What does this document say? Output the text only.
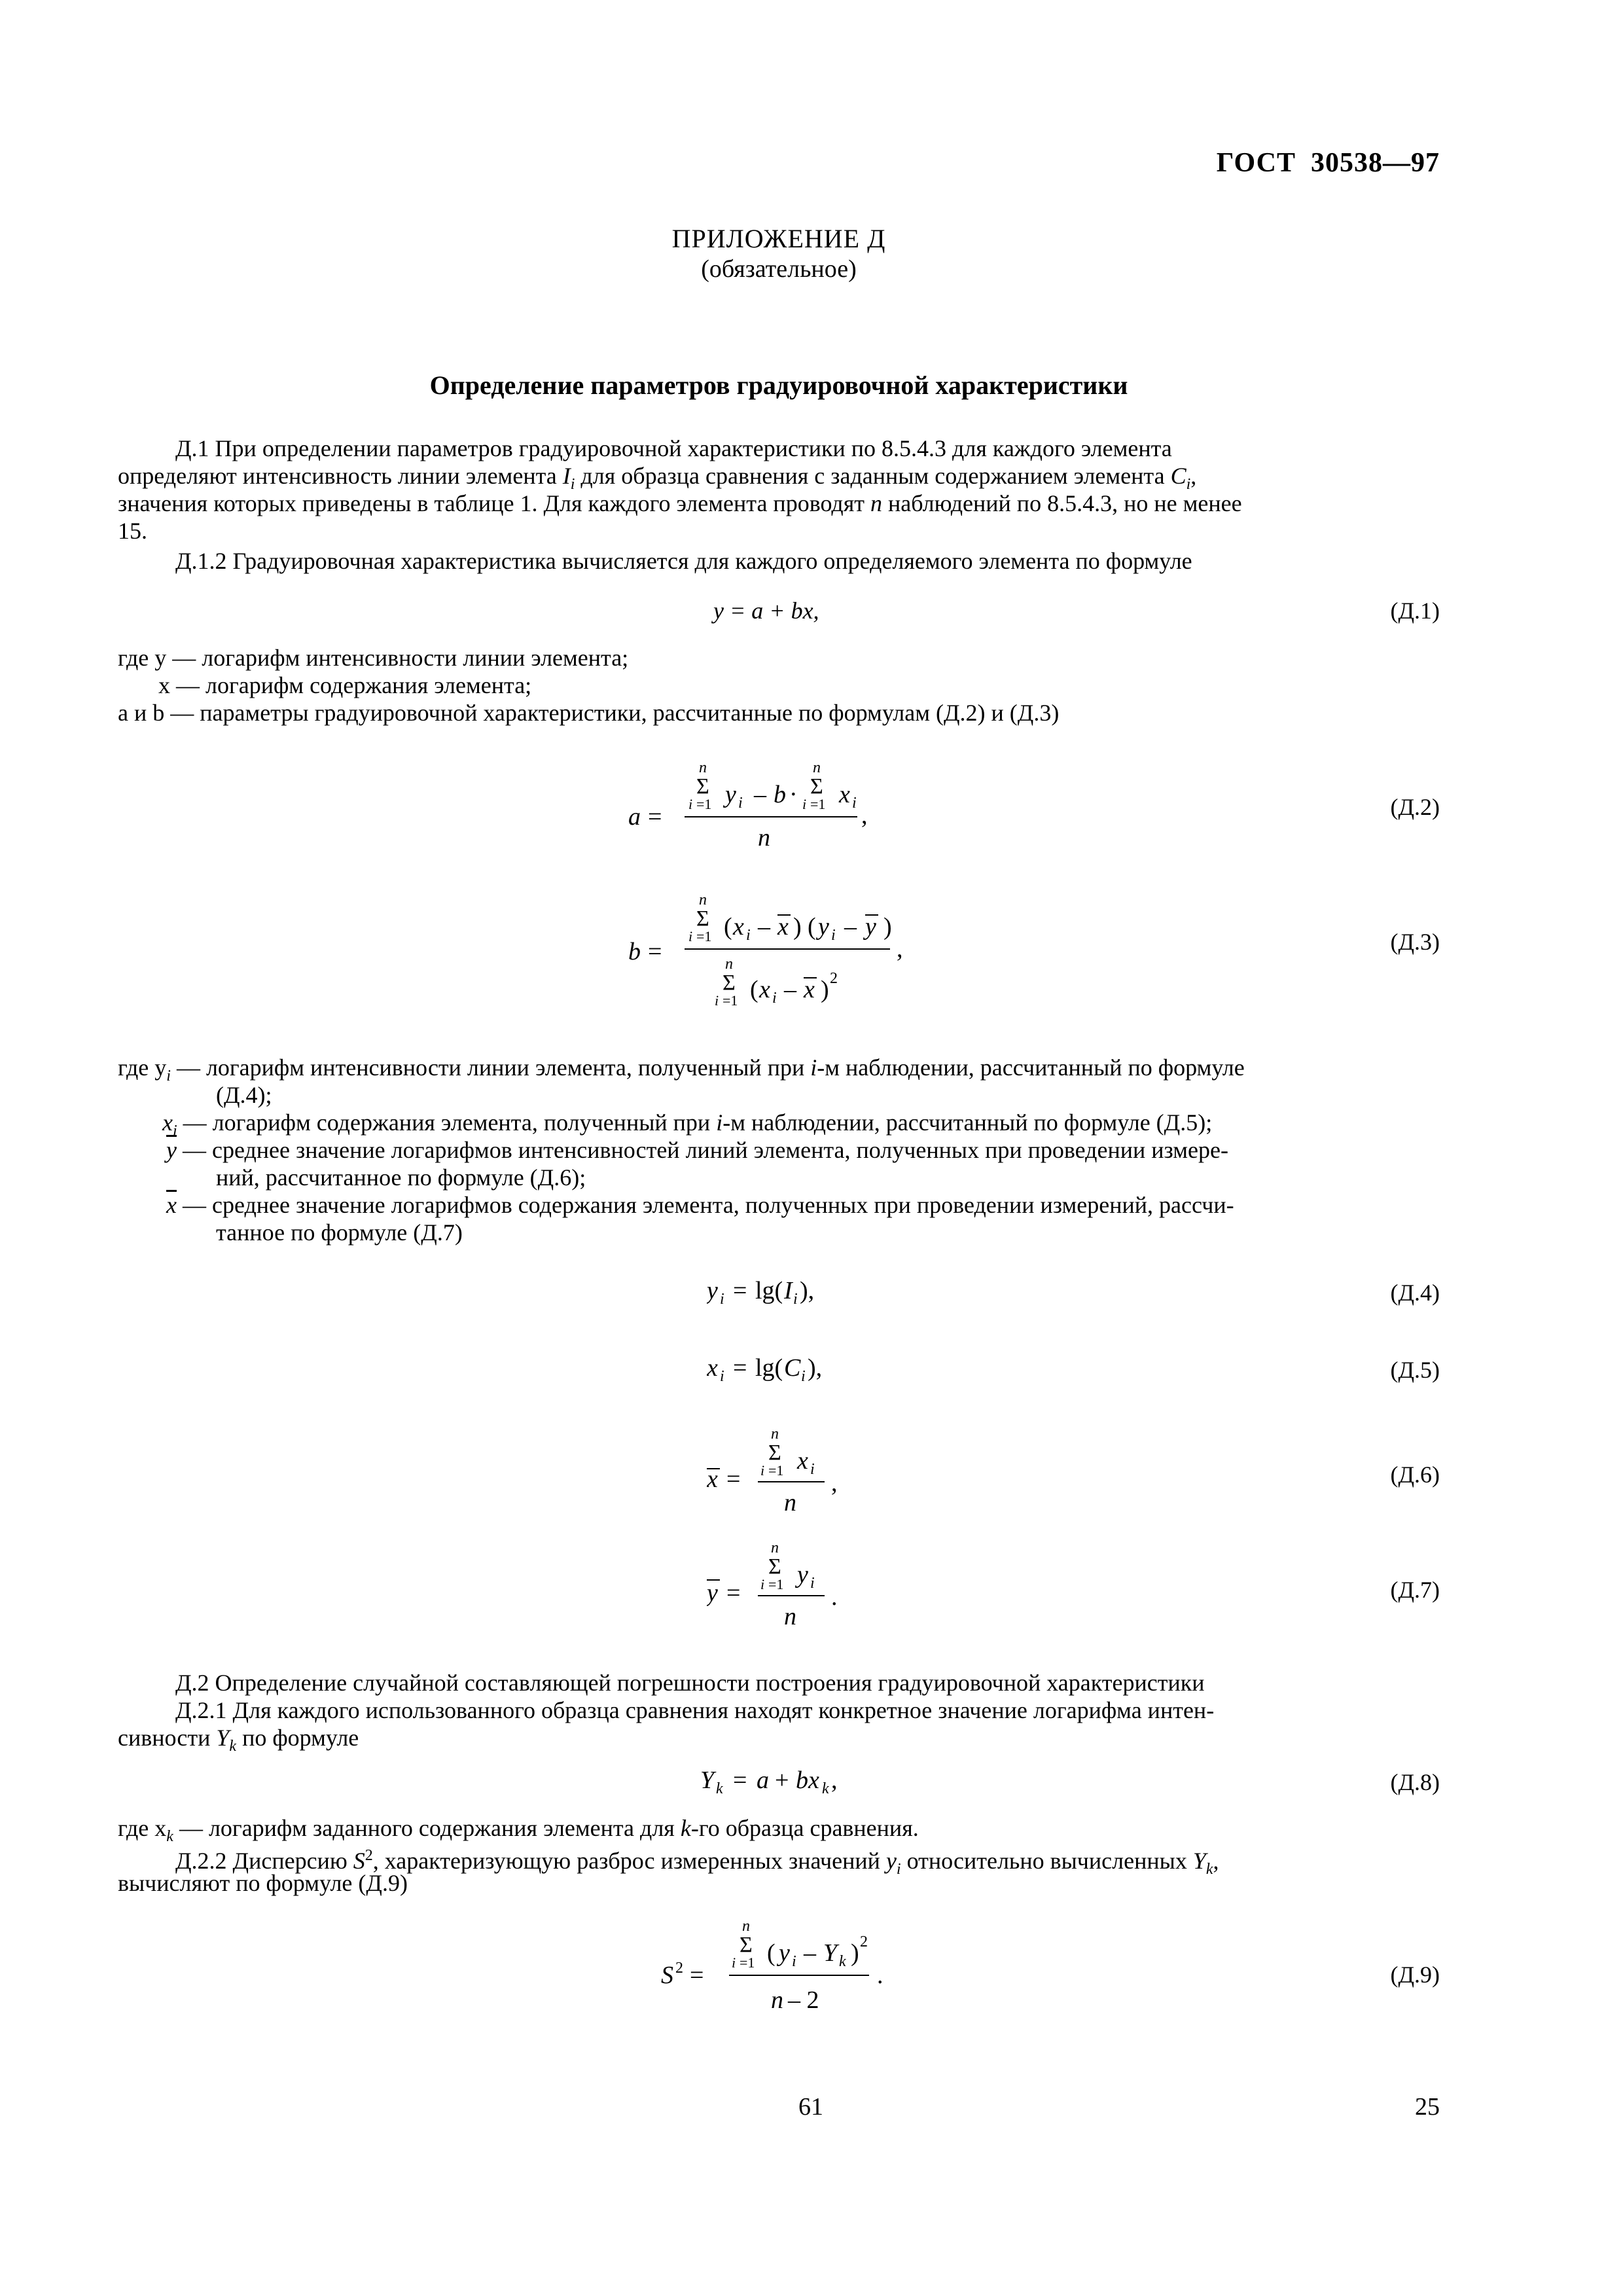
ГОСТ  30538—97
ПРИЛОЖЕНИЕ Д
(обязательное)
Определение параметров градуировочной характеристики
Д.1 При определении параметров градуировочной характеристики по 8.5.4.3 для каждого элемента
определяют интенсивность линии элемента $I_i$ для образца сравнения с заданным содержанием элемента $C_i$,
значения которых приведены в таблице 1. Для каждого элемента проводят n наблюдений по 8.5.4.3, но не менее
15.
Д.1.2 Градуировочная характеристика вычисляется для каждого определяемого элемента по формуле
y = a + bx,	(Д.1)
где y — логарифм интенсивности линии элемента;
x — логарифм содержания элемента;
a и b — параметры градуировочной характеристики, рассчитанные по формулам (Д.2) и (Д.3)
a =
n
Σ
i =1 y i – b ·
n
Σ
i =1 x i ,
n
(Д.2)
b =
n
Σ
i =1 ( x i – x ) ( y i – y )
,
n
Σ
i =1 ( x i – x ) 2
(Д.3)
где $y_i$ — логарифм интенсивности линии элемента, полученный при i-м наблюдении, рассчитанный по формуле
(Д.4);
$x_i$ — логарифм содержания элемента, полученный при i-м наблюдении, рассчитанный по формуле (Д.5);
$\overline{y}$ — среднее значение логарифмов интенсивностей линий элемента, полученных при проведении измере-
ний, рассчитанное по формуле (Д.6);
$\overline{x}$ — среднее значение логарифмов содержания элемента, полученных при проведении измерений, рассчи-
танное по формуле (Д.7)
y i = lg( I i ),	(Д.4)
x i = lg( C i ),	(Д.5)
x =
n
Σ
i =1 x i ,
n
(Д.6)
y =
n
Σ
i =1 y i .
n
(Д.7)
Д.2 Определение случайной составляющей погрешности построения градуировочной характеристики
Д.2.1 Для каждого использованного образца сравнения находят конкретное значение логарифма интен-
сивности $Y_k$ по формуле
Y k = a + bx k ,	(Д.8)
где $x_k$ — логарифм заданного содержания элемента для k-го образца сравнения.
Д.2.2 Дисперсию $S^2$, характеризующую разброс измеренных значений $y_i$ относительно вычисленных $Y_k$,
вычисляют по формуле (Д.9)
S 2 =
n
Σ
i =1 ( y i – Y k ) 2
.
n – 2
(Д.9)
61	25
